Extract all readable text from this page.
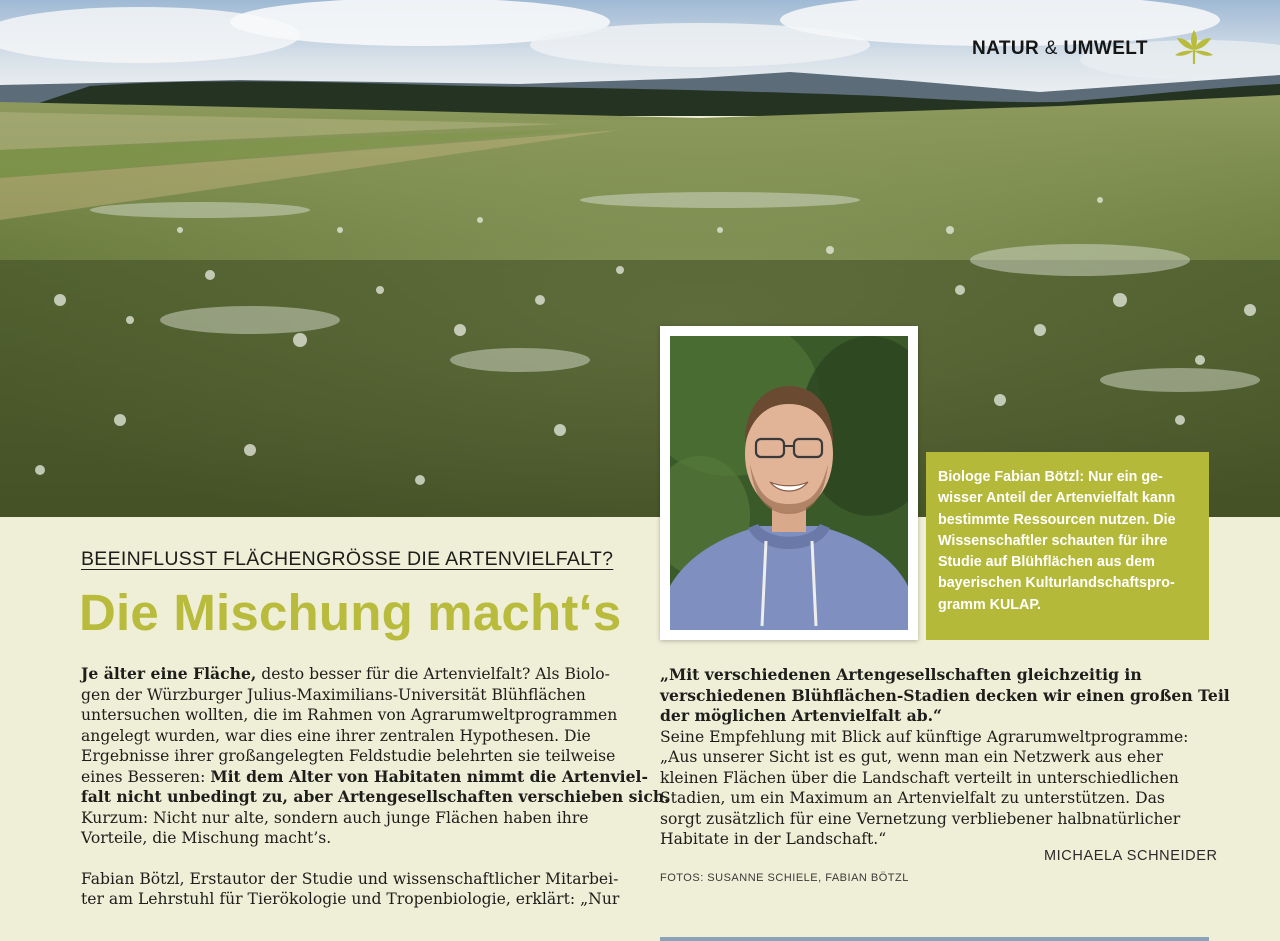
NATUR & UMWELT

Biologe Fabian Bötzl: Nur ein ge-
wisser Anteil der Artenvielfalt kann
bestimmte Ressourcen nutzen. Die
Wissenschaftler schauten für ihre
Studie auf Blühflächen aus dem
bayerischen Kulturlandschaftspro-
gramm KULAP.

BEEINFLUSST FLÄCHENGRÖSSE DIE ARTENVIELFALT?
Die Mischung macht‘s

Je älter eine Fläche, desto besser für die Artenvielfalt? Als Biolo-
gen der Würzburger Julius-Maximilians-Universität Blühflächen
untersuchen wollten, die im Rahmen von Agrarumweltprogrammen
angelegt wurden, war dies eine ihrer zentralen Hypothesen. Die
Ergebnisse ihrer großangelegten Feldstudie belehrten sie teilweise
eines Besseren: Mit dem Alter von Habitaten nimmt die Artenviel-
falt nicht unbedingt zu, aber Artengesellschaften verschieben sich.
Kurzum: Nicht nur alte, sondern auch junge Flächen haben ihre
Vorteile, die Mischung macht’s.

Fabian Bötzl, Erstautor der Studie und wissenschaftlicher Mitarbei-
ter am Lehrstuhl für Tierökologie und Tropenbiologie, erklärt: „Nur

„Mit verschiedenen Artengesellschaften gleichzeitig in
verschiedenen Blühflächen-Stadien decken wir einen großen Teil
der möglichen Artenvielfalt ab.“

Seine Empfehlung mit Blick auf künftige Agrarumweltprogramme:
„Aus unserer Sicht ist es gut, wenn man ein Netzwerk aus eher
kleinen Flächen über die Landschaft verteilt in unterschiedlichen
Stadien, um ein Maximum an Artenvielfalt zu unterstützen. Das
sorgt zusätzlich für eine Vernetzung verbliebener halbnatürlicher
Habitate in der Landschaft.“

MICHAELA SCHNEIDER
FOTOS: SUSANNE SCHIELE, FABIAN BÖTZL
